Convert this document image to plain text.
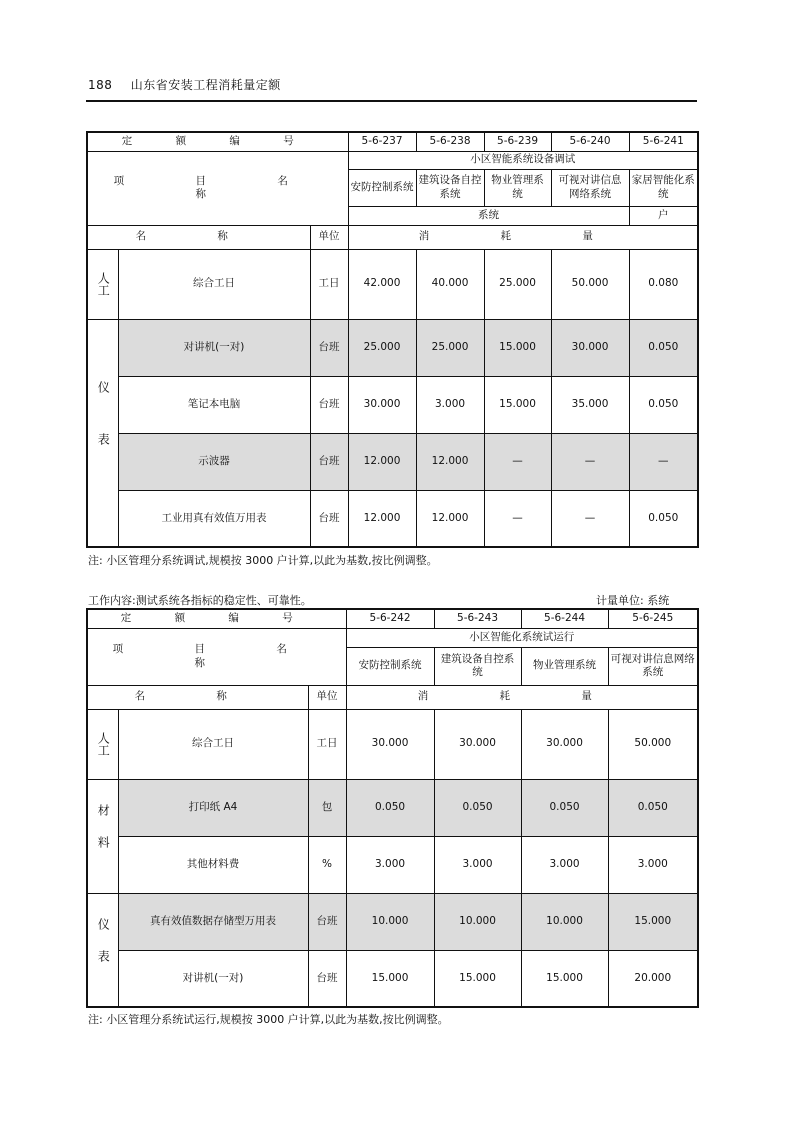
188 山东省安装工程消耗量定额
定 额 编 号			5-6-237	5-6-238	5-6-239	5-6-240	5-6-241
项 目 名 称			小区智能系统设备调试				
			安防控制系统	建筑设备自控系统	物业管理系统	可视对讲信息网络系统	家居智能化系统
			系统				户
名 称		单位	消 耗 量				
人工	综合工日	工日	42.000	40.000	25.000	50.000	0.080
仪表	对讲机(一对)	台班	25.000	25.000	15.000	30.000	0.050
	笔记本电脑	台班	30.000	3.000	15.000	35.000	0.050
	示波器	台班	12.000	12.000	—	—	—
	工业用真有效值万用表	台班	12.000	12.000	—	—	0.050
注: 小区管理分系统调试,规模按 3000 户计算,以此为基数,按比例调整。
工作内容:测试系统各指标的稳定性、可靠性。	计量单位: 系统
定 额 编 号			5-6-242	5-6-243	5-6-244	5-6-245
项 目 名 称			小区智能化系统试运行			
			安防控制系统	建筑设备自控系统	物业管理系统	可视对讲信息网络系统
名 称		单位	消 耗 量			
人工	综合工日	工日	30.000	30.000	30.000	50.000
材料	打印纸 A4	包	0.050	0.050	0.050	0.050
	其他材料费	%	3.000	3.000	3.000	3.000
仪表	真有效值数据存储型万用表	台班	10.000	10.000	10.000	15.000
	对讲机(一对)	台班	15.000	15.000	15.000	20.000
注: 小区管理分系统试运行,规模按 3000 户计算,以此为基数,按比例调整。
